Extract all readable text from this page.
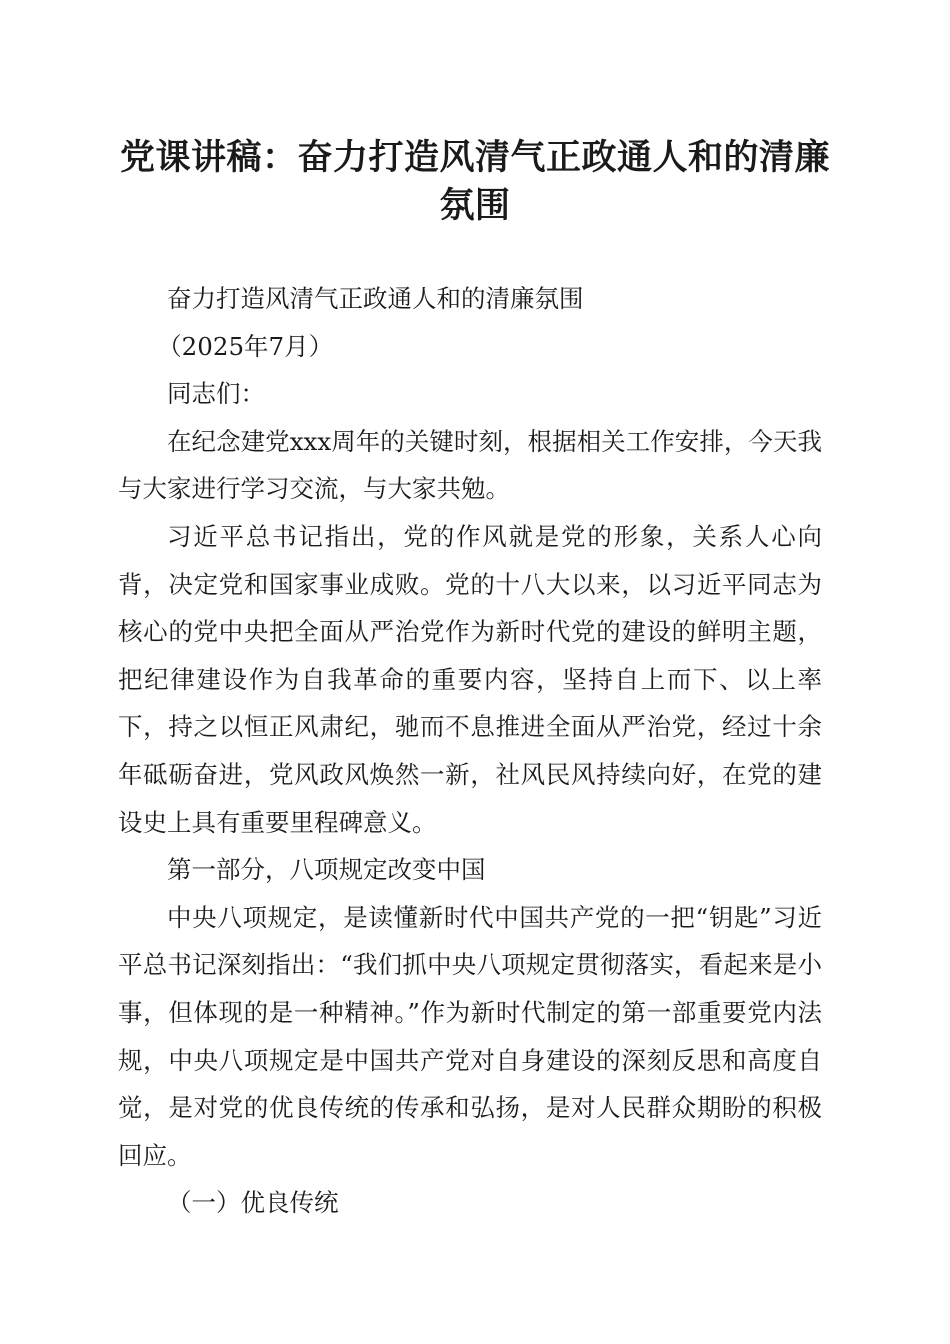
党课讲稿：奋力打造风清气正政通人和的清廉氛围

奋力打造风清气正政通人和的清廉氛围

（2025年7月）

同志们：

在纪念建党xxx周年的关键时刻，根据相关工作安排，今天我与大家进行学习交流，与大家共勉。

习近平总书记指出，党的作风就是党的形象，关系人心向背，决定党和国家事业成败。党的十八大以来，以习近平同志为核心的党中央把全面从严治党作为新时代党的建设的鲜明主题，把纪律建设作为自我革命的重要内容，坚持自上而下、以上率下，持之以恒正风肃纪，驰而不息推进全面从严治党，经过十余年砥砺奋进，党风政风焕然一新，社风民风持续向好，在党的建设史上具有重要里程碑意义。

第一部分，八项规定改变中国

中央八项规定，是读懂新时代中国共产党的一把“钥匙”习近平总书记深刻指出：“我们抓中央八项规定贯彻落实，看起来是小事，但体现的是一种精神。”作为新时代制定的第一部重要党内法规，中央八项规定是中国共产党对自身建设的深刻反思和高度自觉，是对党的优良传统的传承和弘扬，是对人民群众期盼的积极回应。

（一）优良传统
